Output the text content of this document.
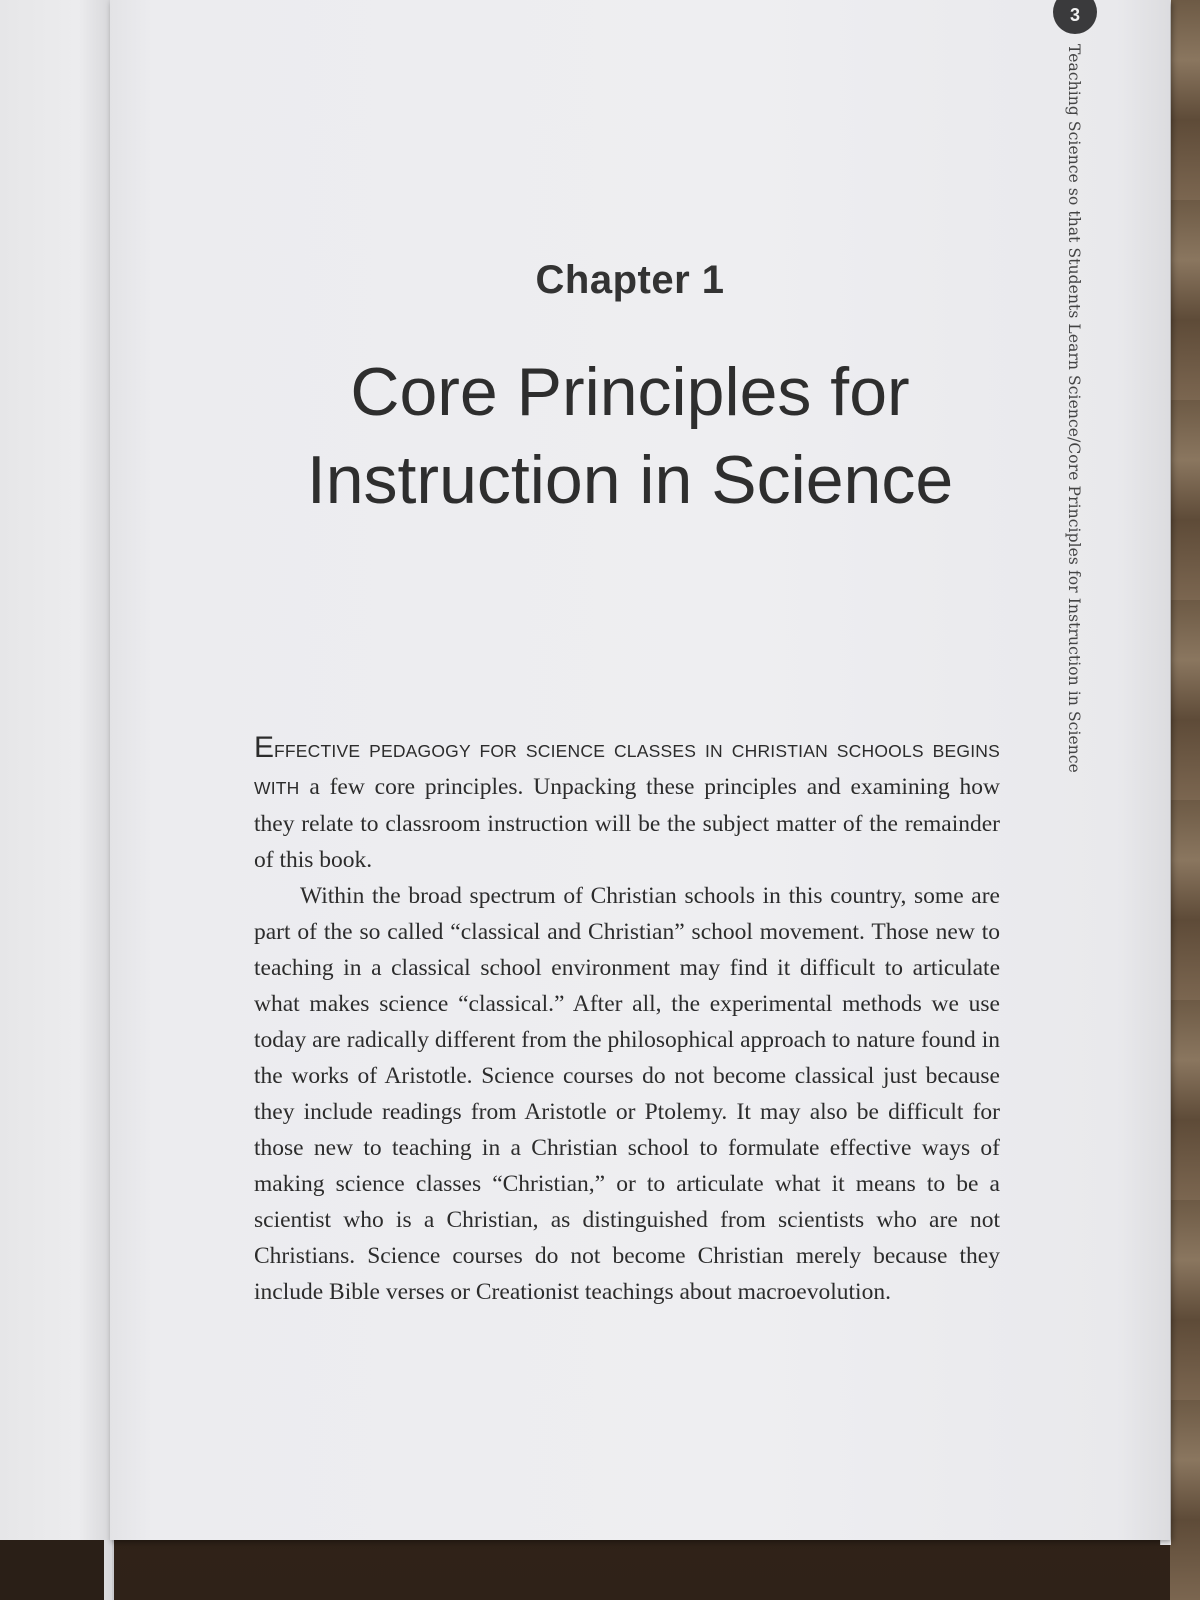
3
Teaching Science so that Students Learn Science/Core Principles for Instruction in Science
Chapter 1
Core Principles for
Instruction in Science

EFFECTIVE PEDAGOGY FOR SCIENCE CLASSES IN CHRISTIAN SCHOOLS BEGINS WITH a few core principles. Unpacking these principles and examining how they relate to classroom instruction will be the subject matter of the remainder of this book.

Within the broad spectrum of Christian schools in this country, some are part of the so called “classical and Christian” school movement. Those new to teaching in a classical school environment may find it difficult to articulate what makes science “classical.” After all, the experimental methods we use today are radically different from the philosophical approach to nature found in the works of Aristotle. Science courses do not become classical just because they include readings from Aristotle or Ptolemy. It may also be difficult for those new to teaching in a Christian school to formulate effective ways of making science classes “Christian,” or to articulate what it means to be a scientist who is a Christian, as distinguished from scientists who are not Christians. Science courses do not become Christian merely because they include Bible verses or Creationist teachings about macroevolution.
